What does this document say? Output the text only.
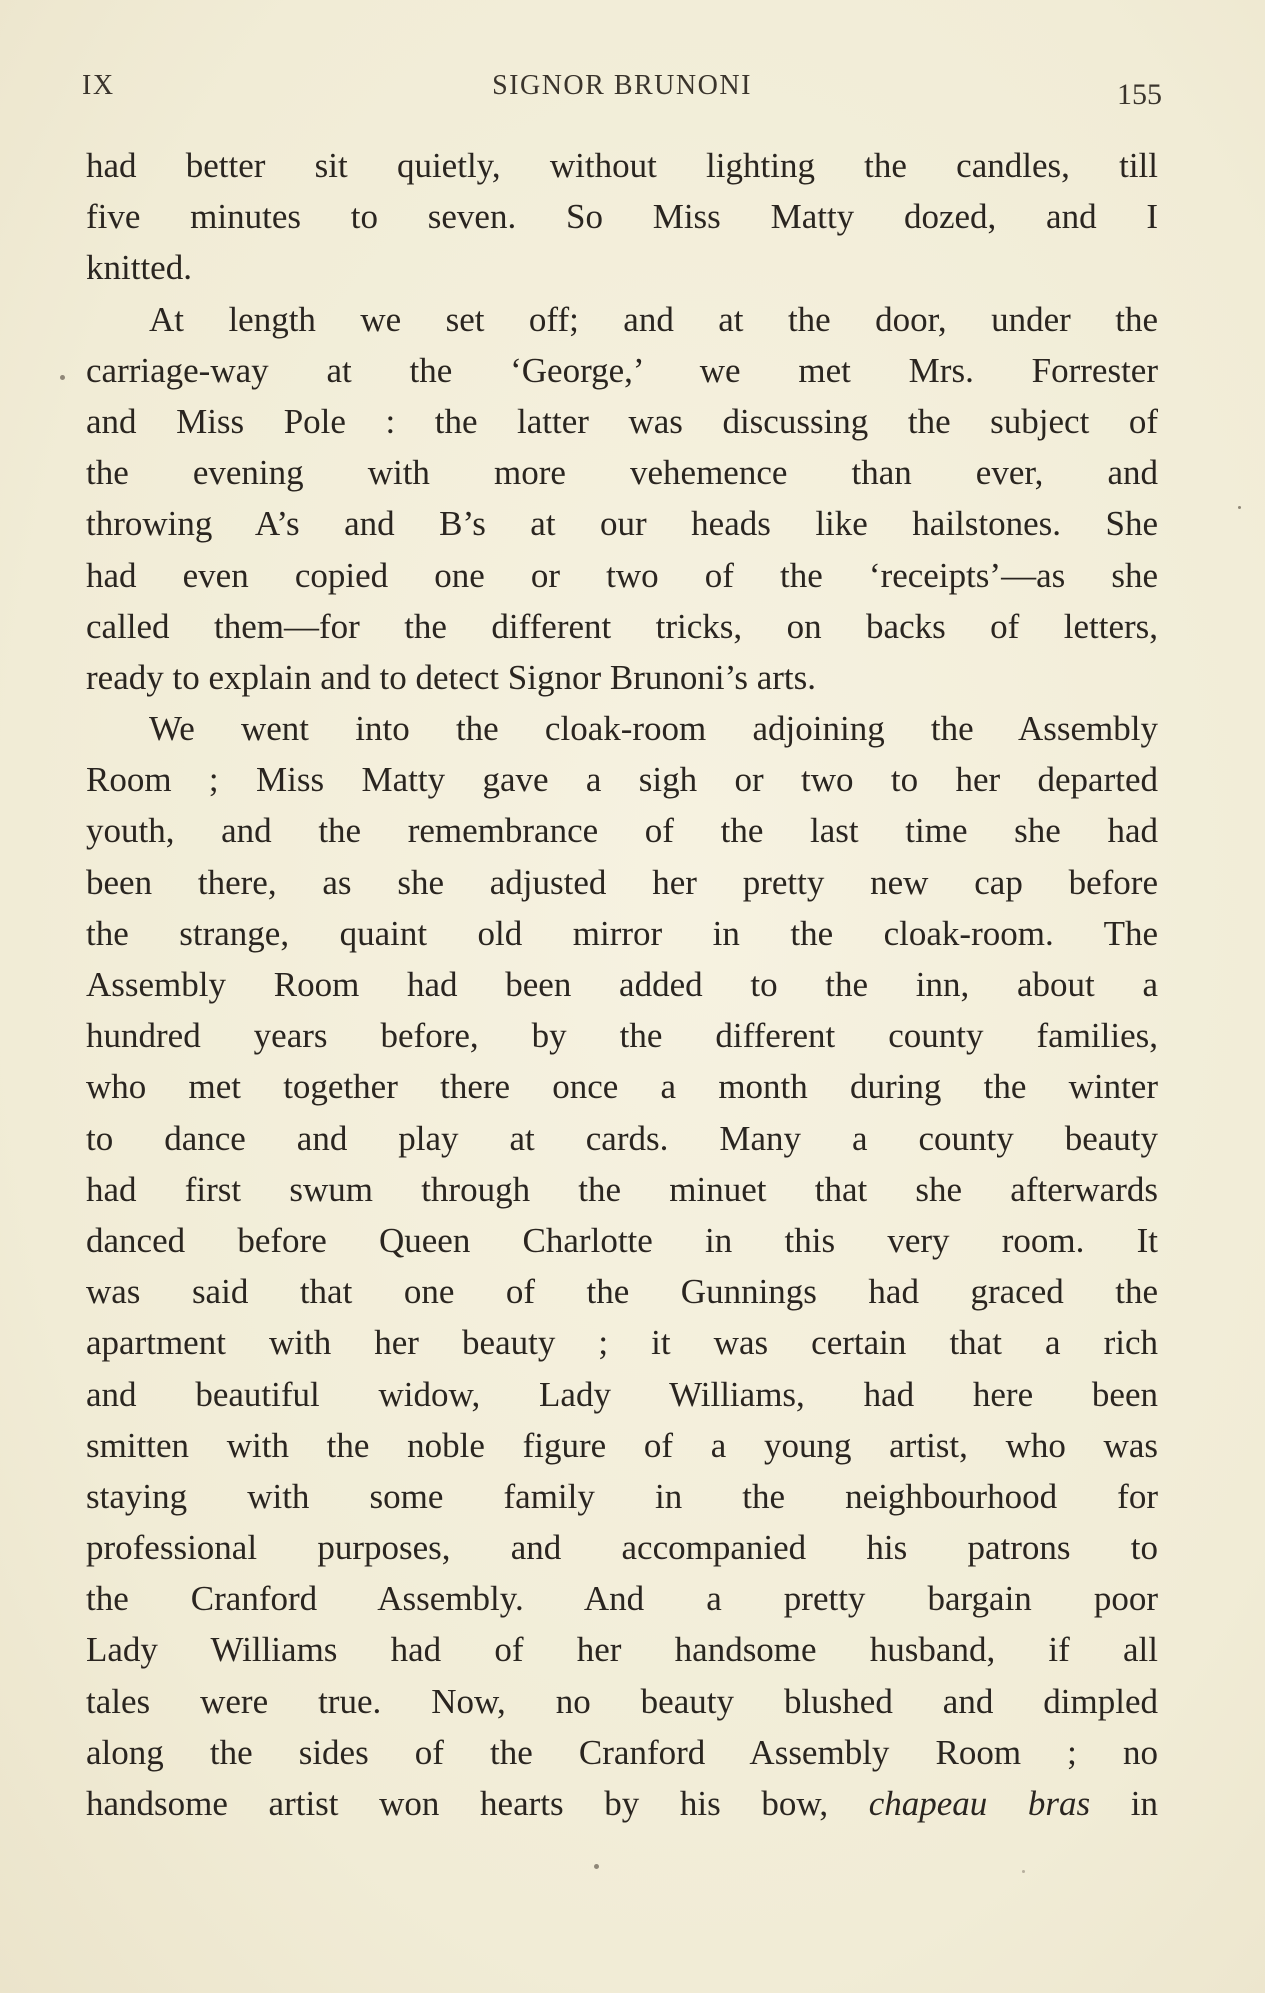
IX	SIGNOR BRUNONI	155
had better sit quietly, without lighting the candles, till
five minutes to seven. So Miss Matty dozed, and I
knitted.
At length we set off; and at the door, under the
carriage-way at the ‘George,’ we met Mrs. Forrester
and Miss Pole : the latter was discussing the subject of
the evening with more vehemence than ever, and
throwing A’s and B’s at our heads like hailstones. She
had even copied one or two of the ‘receipts’—as she
called them—for the different tricks, on backs of letters,
ready to explain and to detect Signor Brunoni’s arts.
We went into the cloak-room adjoining the Assembly
Room ; Miss Matty gave a sigh or two to her departed
youth, and the remembrance of the last time she had
been there, as she adjusted her pretty new cap before
the strange, quaint old mirror in the cloak-room. The
Assembly Room had been added to the inn, about a
hundred years before, by the different county families,
who met together there once a month during the winter
to dance and play at cards. Many a county beauty
had first swum through the minuet that she afterwards
danced before Queen Charlotte in this very room. It
was said that one of the Gunnings had graced the
apartment with her beauty ; it was certain that a rich
and beautiful widow, Lady Williams, had here been
smitten with the noble figure of a young artist, who was
staying with some family in the neighbourhood for
professional purposes, and accompanied his patrons to
the Cranford Assembly. And a pretty bargain poor
Lady Williams had of her handsome husband, if all
tales were true. Now, no beauty blushed and dimpled
along the sides of the Cranford Assembly Room ; no
handsome artist won hearts by his bow, chapeau bras in
